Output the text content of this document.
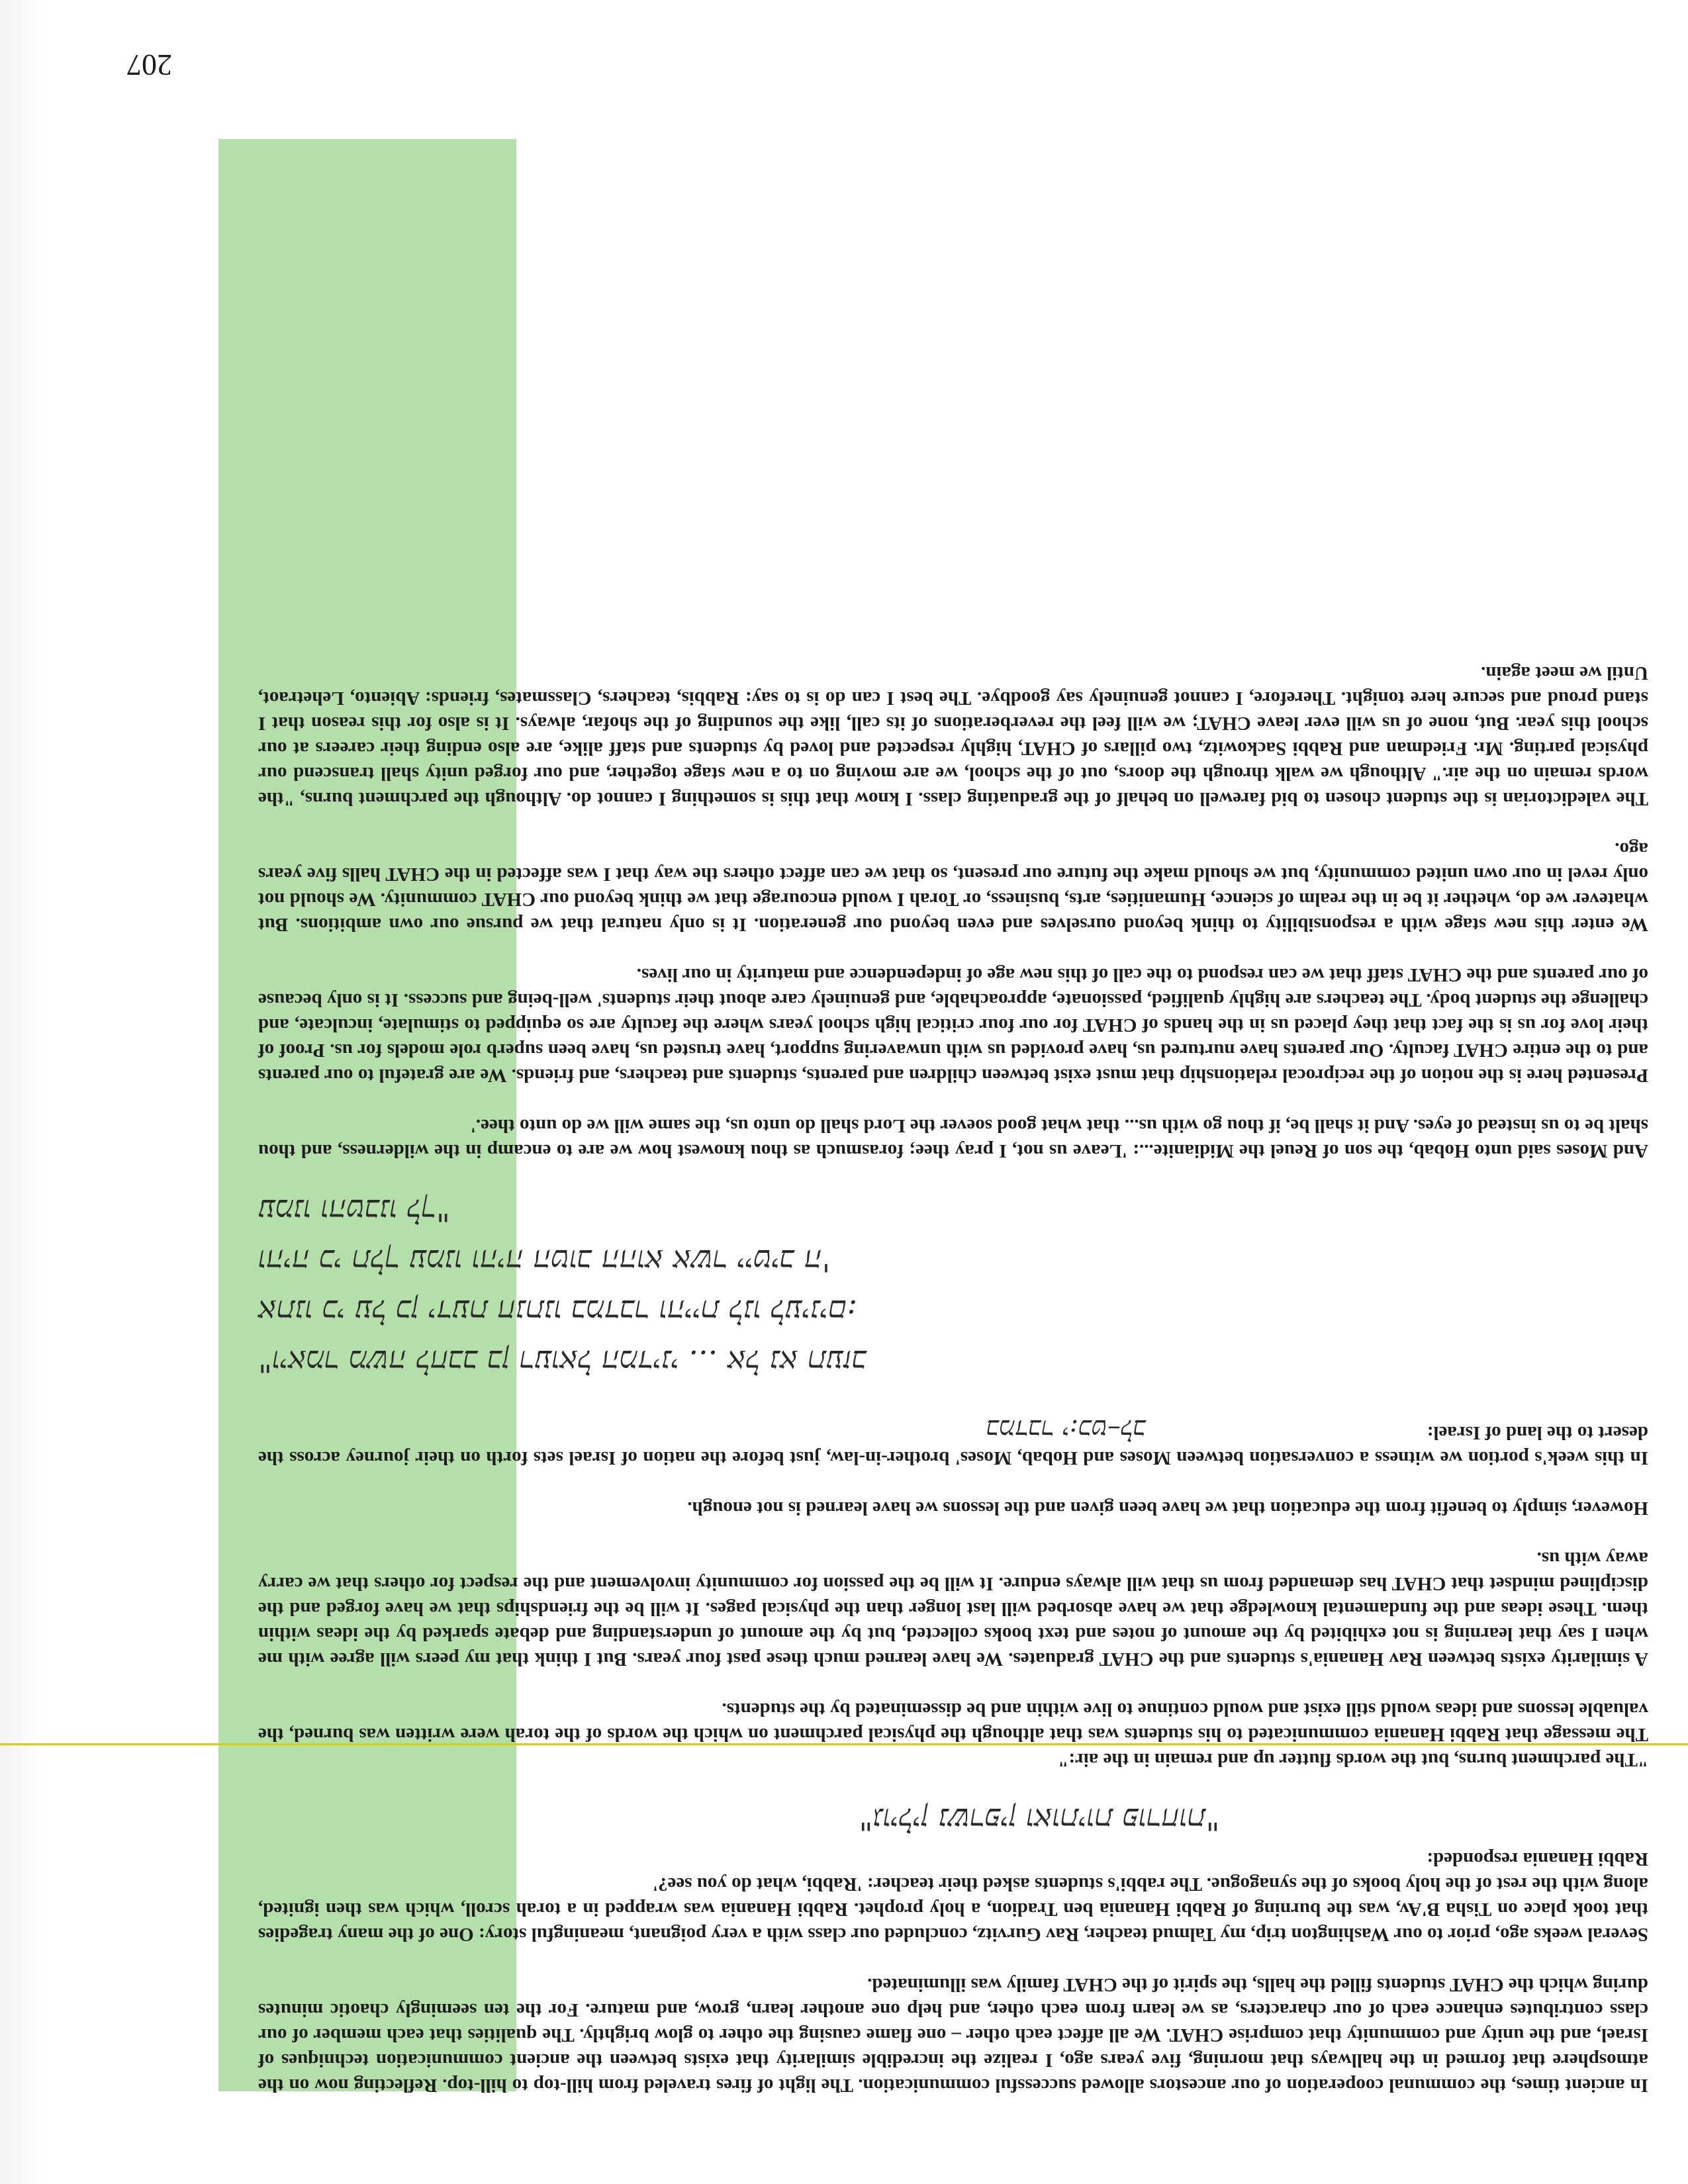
In ancient times, the communal cooperation of our ancestors allowed successful communication. The light of fires traveled from hill-top to hill-top. Reflecting now on the atmosphere that formed in the hallways that morning, five years ago, I realize the incredible similarity that exists between the ancient communication techniques of Israel, and the unity and community that comprise CHAT. We all affect each other – one flame causing the other to glow brightly. The qualities that each member of our class contributes enhance each of our characters, as we learn from each other, and help one another learn, grow, and mature. For the ten seemingly chaotic minutes during which the CHAT students filled the halls, the spirit of the CHAT family was illuminated.

Several weeks ago, prior to our Washington trip, my Talmud teacher, Rav Gurvitz, concluded our class with a very poignant, meaningful story: One of the many tragedies that took place on Tisha B'Av, was the burning of Rabbi Hanania ben Tradion, a holy prophet. Rabbi Hanania was wrapped in a torah scroll, which was then ignited, along with the rest of the holy books of the synagogue. The rabbi's students asked their teacher: 'Rabbi, what do you see?'

Rabbi Hanania responded:

"גוילין נשרפין ואותיות פורחות"

"The parchment burns, but the words flutter up and remain in the air:"

The message that Rabbi Hanania communicated to his students was that although the physical parchment on which the words of the torah were written was burned, the valuable lessons and ideas would still exist and would continue to live within and be disseminated by the students.

A similarity exists between Rav Hanania's students and the CHAT graduates. We have learned much these past four years. But I think that my peers will agree with me when I say that learning is not exhibited by the amount of notes and text books collected, but by the amount of understanding and debate sparked by the ideas within them. These ideas and the fundamental knowledge that we have absorbed will last longer than the physical pages. It will be the friendships that we have forged and the disciplined mindset that CHAT has demanded from us that will always endure. It will be the passion for community involvement and the respect for others that we carry away with us.

However, simply to benefit from the education that we have been given and the lessons we have learned is not enough.

In this week's portion we witness a conversation between Moses and Hobab, Moses' brother-in-law, just before the nation of Israel sets forth on their journey across the desert to the land of Israel:

במדבר י:כט–לב

"ויאמר משה לחבב בן רעואל המדיני ... אל נא תעזב

אתנו כי על כן ידעת חנתנו במדבר והיית לנו לעינים:

והיה כי תלך עמנו והיה הטוב ההוא אשר ייטיב ה'

עמנו והטבנו לך"

And Moses said unto Hobab, the son of Reuel the Midianite...: 'Leave us not, I pray thee; forasmuch as thou knowest how we are to encamp in the wilderness, and thou shalt be to us instead of eyes. And it shall be, if thou go with us... that what good soever the Lord shall do unto us, the same will we do unto thee.'

Presented here is the notion of the reciprocal relationship that must exist between children and parents, students and teachers, and friends. We are grateful to our parents and to the entire CHAT faculty. Our parents have nurtured us, have provided us with unwavering support, have trusted us, have been superb role models for us. Proof of their love for us is the fact that they placed us in the hands of CHAT for our four critical high school years where the faculty are so equipped to stimulate, inculcate, and challenge the student body. The teachers are highly qualified, passionate, approachable, and genuinely care about their students' well-being and success. It is only because of our parents and the CHAT staff that we can respond to the call of this new age of independence and maturity in our lives.

We enter this new stage with a responsibility to think beyond ourselves and even beyond our generation. It is only natural that we pursue our own ambitions. But whatever we do, whether it be in the realm of science, Humanities, arts, business, or Torah I would encourage that we think beyond our CHAT community. We should not only revel in our own united community, but we should make the future our present, so that we can affect others the way that I was affected in the CHAT halls five years ago.

The valedictorian is the student chosen to bid farewell on behalf of the graduating class. I know that this is something I cannot do. Although the parchment burns, "the words remain on the air." Although we walk through the doors, out of the school, we are moving on to a new stage together, and our forged unity shall transcend our physical parting. Mr. Friedman and Rabbi Sackowitz, two pillars of CHAT, highly respected and loved by students and staff alike, are also ending their careers at our school this year. But, none of us will ever leave CHAT; we will feel the reverberations of its call, like the sounding of the shofar, always. It is also for this reason that I stand proud and secure here tonight. Therefore, I cannot genuinely say goodbye. The best I can do is to say: Rabbis, teachers, Classmates, friends: Abiento, Lehetraot, Until we meet again.

207
